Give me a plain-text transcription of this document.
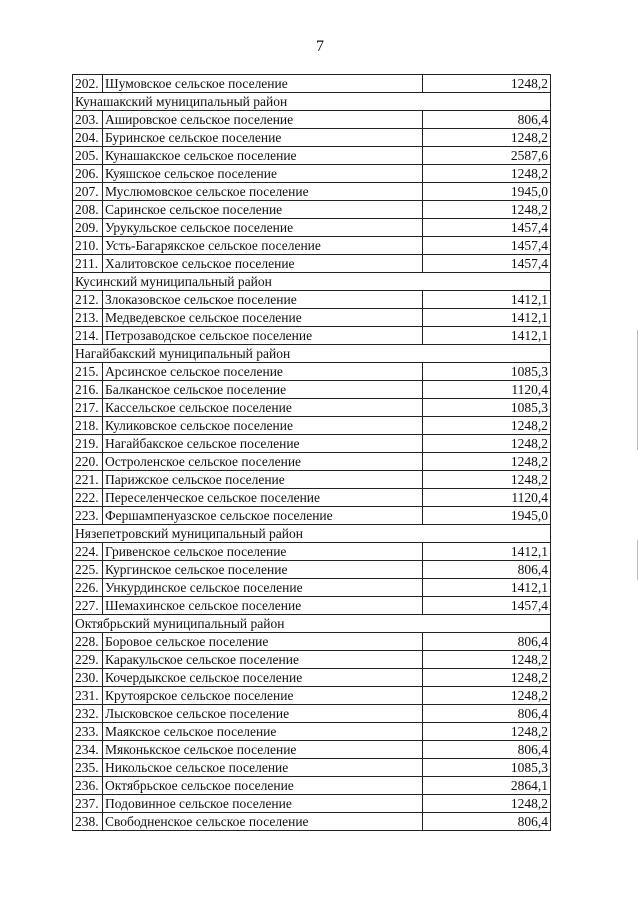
7
202.	Шумовское сельское поселение	1248,2
Кунашакский муниципальный район		
203.	Ашировское сельское поселение	806,4
204.	Буринское сельское поселение	1248,2
205.	Кунашакское сельское поселение	2587,6
206.	Куяшское сельское поселение	1248,2
207.	Муслюмовское сельское поселение	1945,0
208.	Саринское сельское поселение	1248,2
209.	Урукульское сельское поселение	1457,4
210.	Усть-Багарякское сельское поселение	1457,4
211.	Халитовское сельское поселение	1457,4
Кусинский муниципальный район		
212.	Злоказовское сельское поселение	1412,1
213.	Медведевское сельское поселение	1412,1
214.	Петрозаводское сельское поселение	1412,1
Нагайбакский муниципальный район		
215.	Арсинское сельское поселение	1085,3
216.	Балканское сельское поселение	1120,4
217.	Кассельское сельское поселение	1085,3
218.	Куликовское сельское поселение	1248,2
219.	Нагайбакское сельское поселение	1248,2
220.	Остроленское сельское поселение	1248,2
221.	Парижское сельское поселение	1248,2
222.	Переселенческое сельское поселение	1120,4
223.	Фершампенуазское сельское поселение	1945,0
Нязепетровский муниципальный район		
224.	Гривенское сельское поселение	1412,1
225.	Кургинское сельское поселение	806,4
226.	Ункурдинское сельское поселение	1412,1
227.	Шемахинское сельское поселение	1457,4
Октябрьский муниципальный район		
228.	Боровое сельское поселение	806,4
229.	Каракульское сельское поселение	1248,2
230.	Кочердыкское сельское поселение	1248,2
231.	Крутоярское сельское поселение	1248,2
232.	Лысковское сельское поселение	806,4
233.	Маякское сельское поселение	1248,2
234.	Мяконькское сельское поселение	806,4
235.	Никольское сельское поселение	1085,3
236.	Октябрьское сельское поселение	2864,1
237.	Подовинное сельское поселение	1248,2
238.	Свободненское сельское поселение	806,4
